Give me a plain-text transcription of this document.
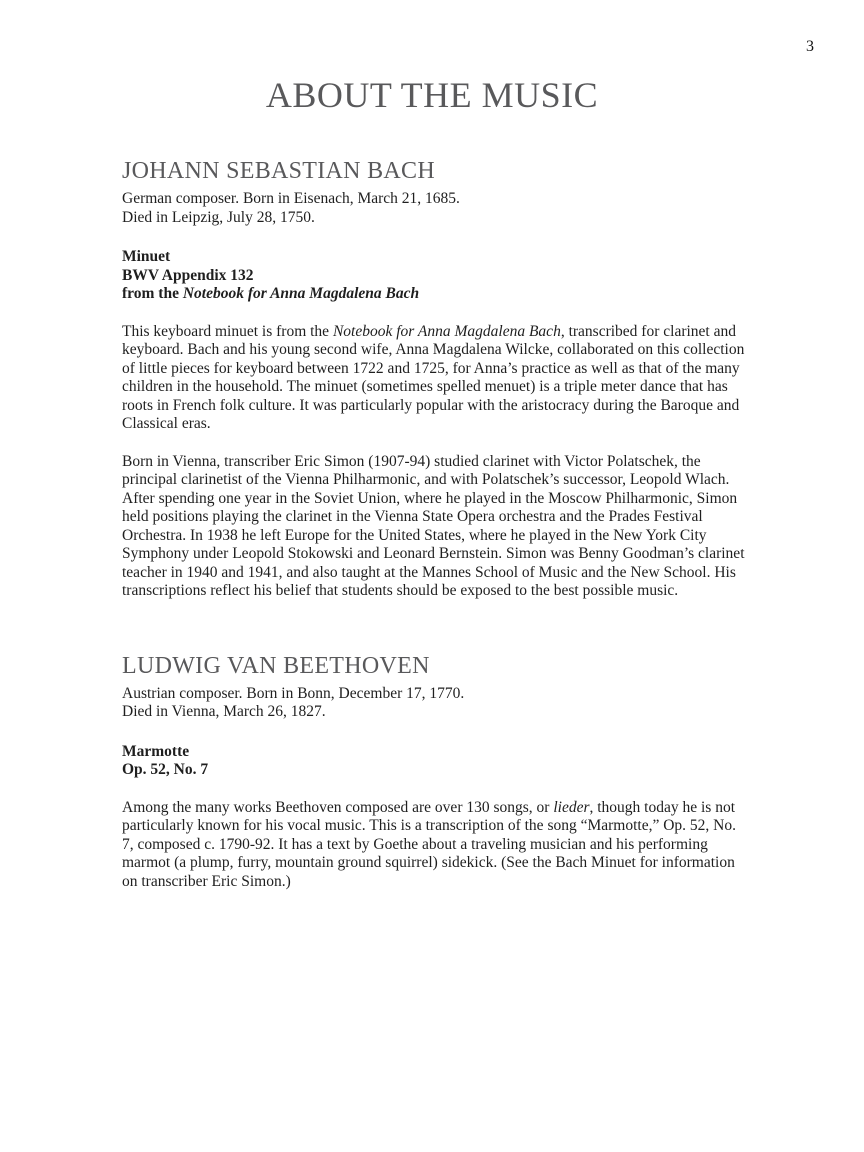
3
ABOUT THE MUSIC
JOHANN SEBASTIAN BACH

German composer. Born in Eisenach, March 21, 1685.
Died in Leipzig, July 28, 1750.

Minuet
BWV Appendix 132
from the Notebook for Anna Magdalena Bach

This keyboard minuet is from the Notebook for Anna Magdalena Bach, transcribed for clarinet and keyboard. Bach and his young second wife, Anna Magdalena Wilcke, collaborated on this collection of little pieces for keyboard between 1722 and 1725, for Anna’s practice as well as that of the many children in the household. The minuet (sometimes spelled menuet) is a triple meter dance that has roots in French folk culture. It was particularly popular with the aristocracy during the Baroque and Classical eras.

Born in Vienna, transcriber Eric Simon (1907-94) studied clarinet with Victor Polatschek, the principal clarinetist of the Vienna Philharmonic, and with Polatschek’s successor, Leopold Wlach. After spending one year in the Soviet Union, where he played in the Moscow Philharmonic, Simon held positions playing the clarinet in the Vienna State Opera orchestra and the Prades Festival Orchestra. In 1938 he left Europe for the United States, where he played in the New York City Symphony under Leopold Stokowski and Leonard Bernstein. Simon was Benny Goodman’s clarinet teacher in 1940 and 1941, and also taught at the Mannes School of Music and the New School. His transcriptions reflect his belief that students should be exposed to the best possible music.

LUDWIG VAN BEETHOVEN

Austrian composer. Born in Bonn, December 17, 1770.
Died in Vienna, March 26, 1827.

Marmotte
Op. 52, No. 7

Among the many works Beethoven composed are over 130 songs, or lieder, though today he is not particularly known for his vocal music. This is a transcription of the song “Marmotte,” Op. 52, No. 7, composed c. 1790-92. It has a text by Goethe about a traveling musician and his performing marmot (a plump, furry, mountain ground squirrel) sidekick. (See the Bach Minuet for information on transcriber Eric Simon.)
